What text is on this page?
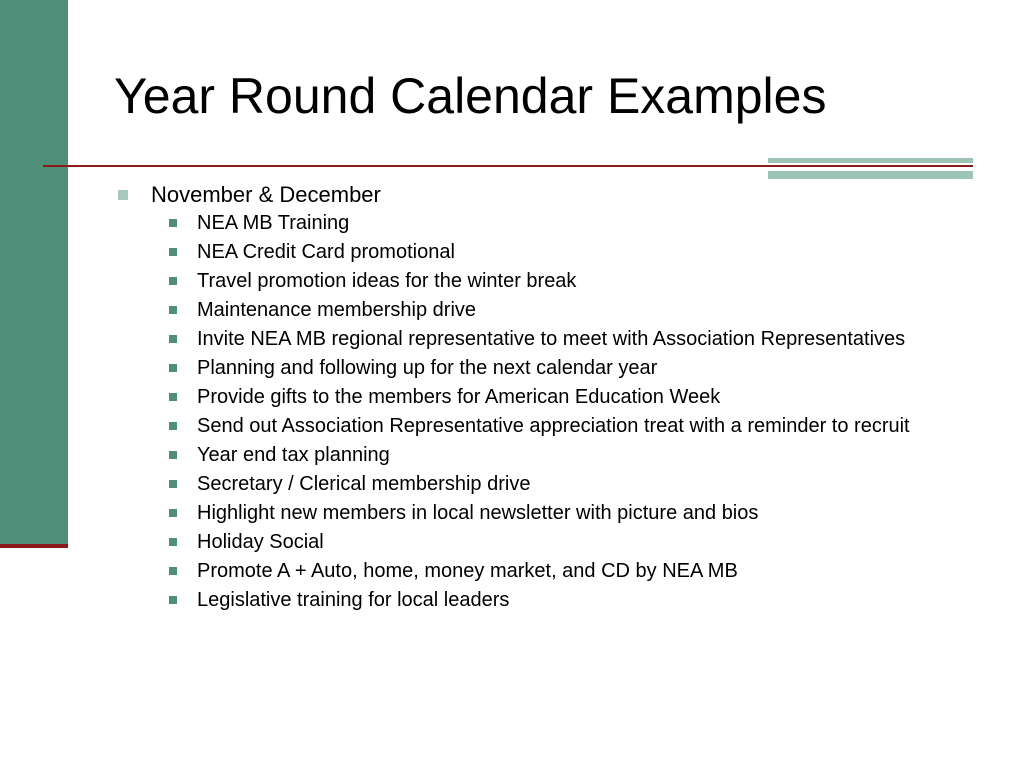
Year Round Calendar Examples
November & December
NEA MB Training
NEA Credit Card promotional
Travel promotion ideas for the winter break
Maintenance membership drive
Invite NEA MB regional representative to meet with Association Representatives
Planning and following up for the next calendar year
Provide gifts to the members for American Education Week
Send out Association Representative appreciation treat with a reminder to recruit
Year end tax planning
Secretary / Clerical membership drive
Highlight new members in local newsletter with picture and bios
Holiday Social
Promote A + Auto, home, money market, and CD by NEA MB
Legislative training for local leaders
